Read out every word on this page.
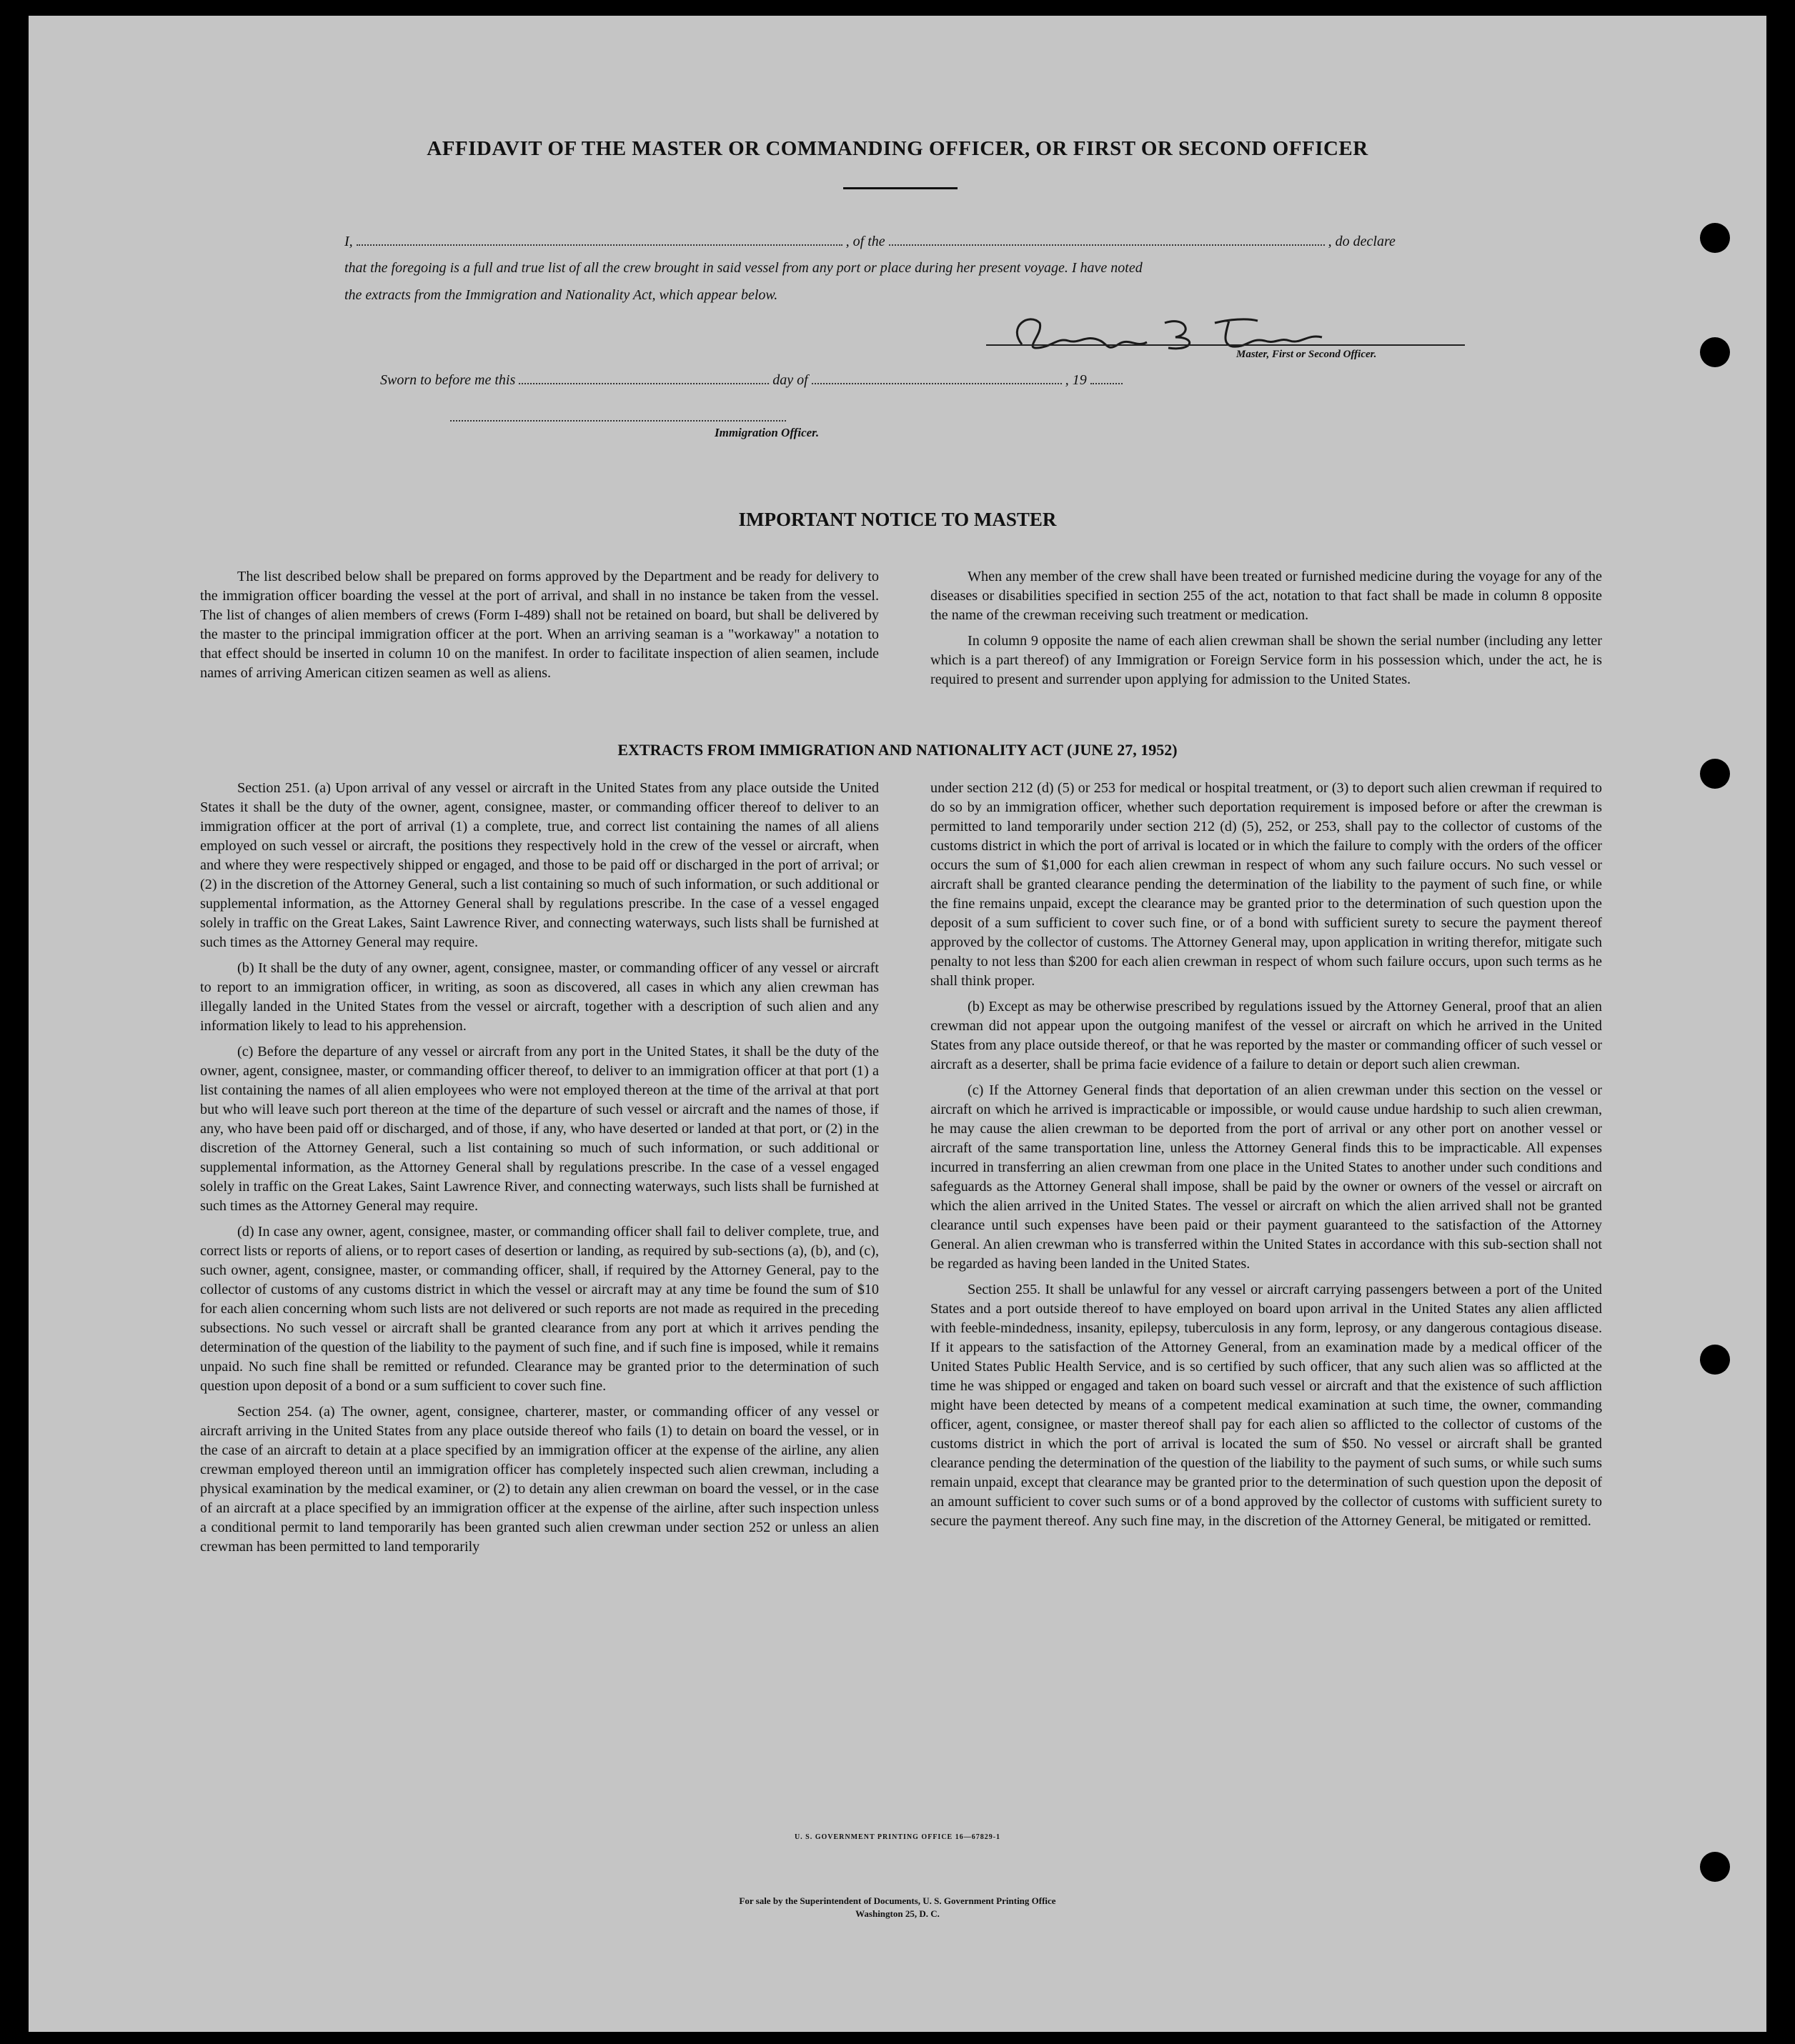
AFFIDAVIT OF THE MASTER OR COMMANDING OFFICER, OR FIRST OR SECOND OFFICER
I,	, of the	, do declare
that the foregoing is a full and true list of all the crew brought in said vessel from any port or place during her present voyage. I have noted
the extracts from the Immigration and Nationality Act, which appear below.
Master, First or Second Officer.
Sworn to before me this	day of	, 19
Immigration Officer.
IMPORTANT NOTICE TO MASTER

The list described below shall be prepared on forms approved by the Department and be ready for delivery to the immigration officer boarding the vessel at the port of arrival, and shall in no instance be taken from the vessel. The list of changes of alien members of crews (Form I-489) shall not be retained on board, but shall be delivered by the master to the principal immigration officer at the port. When an arriving seaman is a "workaway" a notation to that effect should be inserted in column 10 on the manifest. In order to facilitate inspection of alien seamen, include names of arriving American citizen seamen as well as aliens.

When any member of the crew shall have been treated or furnished medicine during the voyage for any of the diseases or disabilities specified in section 255 of the act, notation to that fact shall be made in column 8 opposite the name of the crewman receiving such treatment or medication.

In column 9 opposite the name of each alien crewman shall be shown the serial number (including any letter which is a part thereof) of any Immigration or Foreign Service form in his possession which, under the act, he is required to present and surrender upon applying for admission to the United States.

EXTRACTS FROM IMMIGRATION AND NATIONALITY ACT (JUNE 27, 1952)

Section 251. (a) Upon arrival of any vessel or aircraft in the United States from any place outside the United States it shall be the duty of the owner, agent, consignee, master, or commanding officer thereof to deliver to an immigration officer at the port of arrival (1) a complete, true, and correct list containing the names of all aliens employed on such vessel or aircraft, the positions they respectively hold in the crew of the vessel or aircraft, when and where they were respectively shipped or engaged, and those to be paid off or discharged in the port of arrival; or (2) in the discretion of the Attorney General, such a list containing so much of such information, or such additional or supplemental information, as the Attorney General shall by regulations prescribe. In the case of a vessel engaged solely in traffic on the Great Lakes, Saint Lawrence River, and connecting waterways, such lists shall be furnished at such times as the Attorney General may require.

(b) It shall be the duty of any owner, agent, consignee, master, or commanding officer of any vessel or aircraft to report to an immigration officer, in writing, as soon as discovered, all cases in which any alien crewman has illegally landed in the United States from the vessel or aircraft, together with a description of such alien and any information likely to lead to his apprehension.

(c) Before the departure of any vessel or aircraft from any port in the United States, it shall be the duty of the owner, agent, consignee, master, or commanding officer thereof, to deliver to an immigration officer at that port (1) a list containing the names of all alien employees who were not employed thereon at the time of the arrival at that port but who will leave such port thereon at the time of the departure of such vessel or aircraft and the names of those, if any, who have been paid off or discharged, and of those, if any, who have deserted or landed at that port, or (2) in the discretion of the Attorney General, such a list containing so much of such information, or such additional or supplemental information, as the Attorney General shall by regulations prescribe. In the case of a vessel engaged solely in traffic on the Great Lakes, Saint Lawrence River, and connecting waterways, such lists shall be furnished at such times as the Attorney General may require.

(d) In case any owner, agent, consignee, master, or commanding officer shall fail to deliver complete, true, and correct lists or reports of aliens, or to report cases of desertion or landing, as required by sub-sections (a), (b), and (c), such owner, agent, consignee, master, or commanding officer, shall, if required by the Attorney General, pay to the collector of customs of any customs district in which the vessel or aircraft may at any time be found the sum of $10 for each alien concerning whom such lists are not delivered or such reports are not made as required in the preceding subsections. No such vessel or aircraft shall be granted clearance from any port at which it arrives pending the determination of the question of the liability to the payment of such fine, and if such fine is imposed, while it remains unpaid. No such fine shall be remitted or refunded. Clearance may be granted prior to the determination of such question upon deposit of a bond or a sum sufficient to cover such fine.

Section 254. (a) The owner, agent, consignee, charterer, master, or commanding officer of any vessel or aircraft arriving in the United States from any place outside thereof who fails (1) to detain on board the vessel, or in the case of an aircraft to detain at a place specified by an immigration officer at the expense of the airline, any alien crewman employed thereon until an immigration officer has completely inspected such alien crewman, including a physical examination by the medical examiner, or (2) to detain any alien crewman on board the vessel, or in the case of an aircraft at a place specified by an immigration officer at the expense of the airline, after such inspection unless a conditional permit to land temporarily has been granted such alien crewman under section 252 or unless an alien crewman has been permitted to land temporarily

under section 212 (d) (5) or 253 for medical or hospital treatment, or (3) to deport such alien crewman if required to do so by an immigration officer, whether such deportation requirement is imposed before or after the crewman is permitted to land temporarily under section 212 (d) (5), 252, or 253, shall pay to the collector of customs of the customs district in which the port of arrival is located or in which the failure to comply with the orders of the officer occurs the sum of $1,000 for each alien crewman in respect of whom any such failure occurs. No such vessel or aircraft shall be granted clearance pending the determination of the liability to the payment of such fine, or while the fine remains unpaid, except the clearance may be granted prior to the determination of such question upon the deposit of a sum sufficient to cover such fine, or of a bond with sufficient surety to secure the payment thereof approved by the collector of customs. The Attorney General may, upon application in writing therefor, mitigate such penalty to not less than $200 for each alien crewman in respect of whom such failure occurs, upon such terms as he shall think proper.

(b) Except as may be otherwise prescribed by regulations issued by the Attorney General, proof that an alien crewman did not appear upon the outgoing manifest of the vessel or aircraft on which he arrived in the United States from any place outside thereof, or that he was reported by the master or commanding officer of such vessel or aircraft as a deserter, shall be prima facie evidence of a failure to detain or deport such alien crewman.

(c) If the Attorney General finds that deportation of an alien crewman under this section on the vessel or aircraft on which he arrived is impracticable or impossible, or would cause undue hardship to such alien crewman, he may cause the alien crewman to be deported from the port of arrival or any other port on another vessel or aircraft of the same transportation line, unless the Attorney General finds this to be impracticable. All expenses incurred in transferring an alien crewman from one place in the United States to another under such conditions and safeguards as the Attorney General shall impose, shall be paid by the owner or owners of the vessel or aircraft on which the alien arrived in the United States. The vessel or aircraft on which the alien arrived shall not be granted clearance until such expenses have been paid or their payment guaranteed to the satisfaction of the Attorney General. An alien crewman who is transferred within the United States in accordance with this sub-section shall not be regarded as having been landed in the United States.

Section 255. It shall be unlawful for any vessel or aircraft carrying passengers between a port of the United States and a port outside thereof to have employed on board upon arrival in the United States any alien afflicted with feeble-mindedness, insanity, epilepsy, tuberculosis in any form, leprosy, or any dangerous contagious disease. If it appears to the satisfaction of the Attorney General, from an examination made by a medical officer of the United States Public Health Service, and is so certified by such officer, that any such alien was so afflicted at the time he was shipped or engaged and taken on board such vessel or aircraft and that the existence of such affliction might have been detected by means of a competent medical examination at such time, the owner, commanding officer, agent, consignee, or master thereof shall pay for each alien so afflicted to the collector of customs of the customs district in which the port of arrival is located the sum of $50. No vessel or aircraft shall be granted clearance pending the determination of the question of the liability to the payment of such sums, or while such sums remain unpaid, except that clearance may be granted prior to the determination of such question upon the deposit of an amount sufficient to cover such sums or of a bond approved by the collector of customs with sufficient surety to secure the payment thereof. Any such fine may, in the discretion of the Attorney General, be mitigated or remitted.

U. S. GOVERNMENT PRINTING OFFICE 16—67829-1
For sale by the Superintendent of Documents, U. S. Government Printing Office
Washington 25, D. C.
